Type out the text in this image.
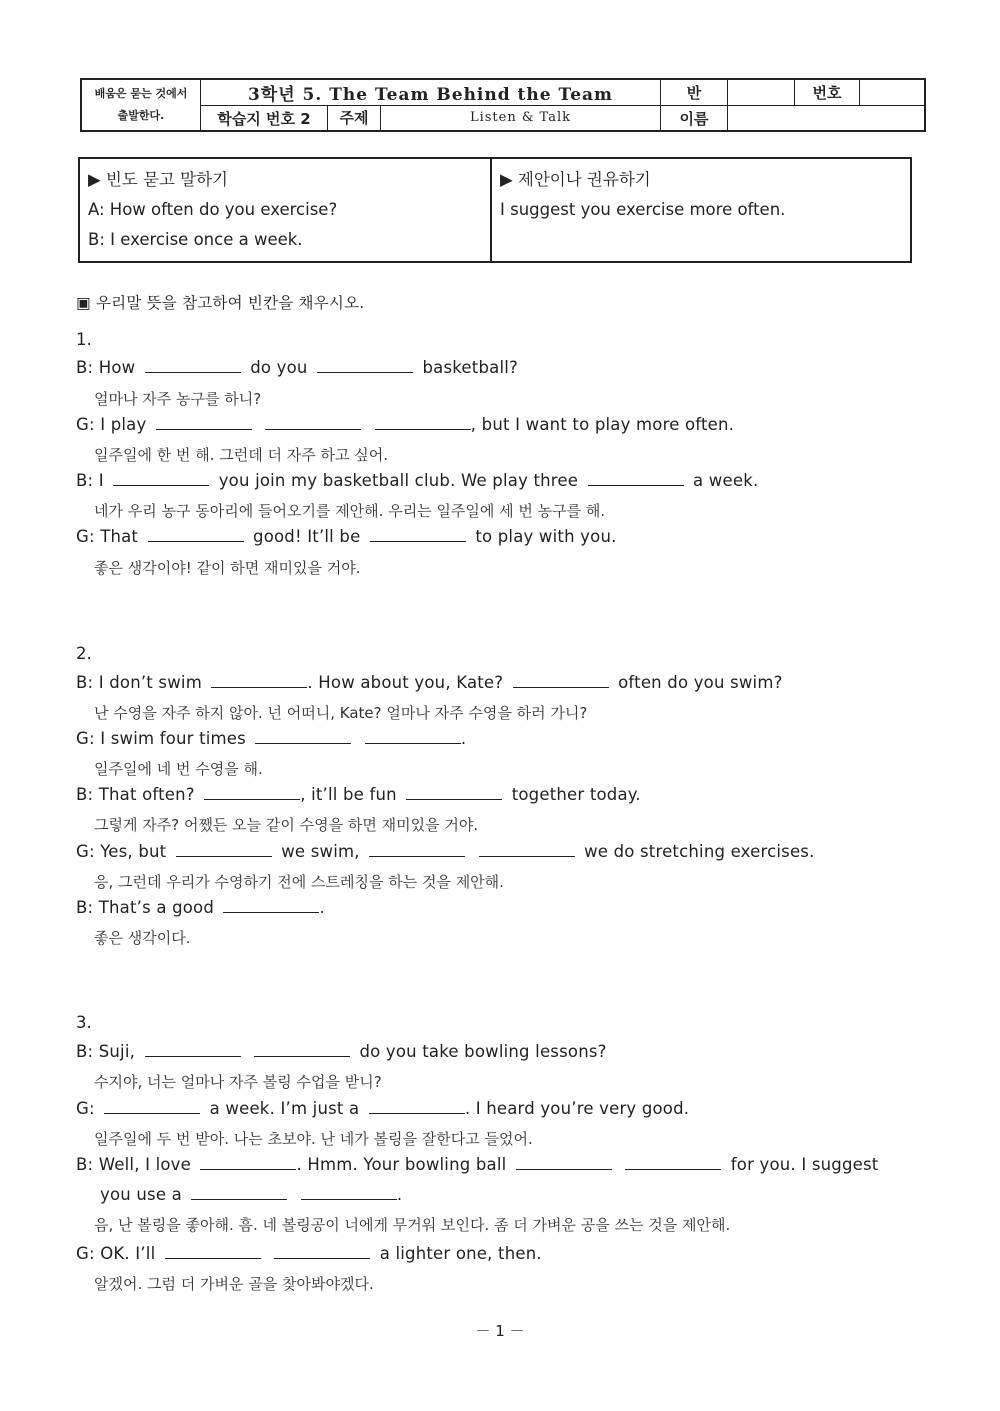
배움은 묻는 것에서 출발한다.	3학년 5. The Team Behind the Team		반		번호	
	학습지 번호 2	주제 Listen & Talk	이름			
▶ 빈도 묻고 말하기
A: How often do you exercise?
B: I exercise once a week.
▶ 제안이나 권유하기
I suggest you exercise more often.
▣ 우리말 뜻을 참고하여 빈칸을 채우시오.
1.
B: How	do you	basketball?
얼마나 자주 농구를 하니?
G: I play	, but I want to play more often.
일주일에 한 번 해. 그런데 더 자주 하고 싶어.
B: I	you join my basketball club. We play three	a week.
네가 우리 농구 동아리에 들어오기를 제안해. 우리는 일주일에 세 번 농구를 해.
G: That	good! It’ll be	to play with you.
좋은 생각이야! 같이 하면 재미있을 거야.
2.
B: I don’t swim	. How about you, Kate?	often do you swim?
난 수영을 자주 하지 않아. 넌 어떠니, Kate? 얼마나 자주 수영을 하러 가니?
G: I swim four times	.
일주일에 네 번 수영을 해.
B: That often?	, it’ll be fun	together today.
그렇게 자주? 어쨌든 오늘 같이 수영을 하면 재미있을 거야.
G: Yes, but	we swim,	we do stretching exercises.
응, 그런데 우리가 수영하기 전에 스트레칭을 하는 것을 제안해.
B: That’s a good	.
좋은 생각이다.
3.
B: Suji,	do you take bowling lessons?
수지야, 너는 얼마나 자주 볼링 수업을 받니?
G:	a week. I’m just a	. I heard you’re very good.
일주일에 두 번 받아. 나는 초보야. 난 네가 볼링을 잘한다고 들었어.
B: Well, I love	. Hmm. Your bowling ball	for you. I suggest
you use a	.
음, 난 볼링을 좋아해. 흠. 네 볼링공이 너에게 무거워 보인다. 좀 더 가벼운 공을 쓰는 것을 제안해.
G: OK. I’ll	a lighter one, then.
알겠어. 그럼 더 가벼운 골을 찾아봐야겠다.
－ 1 －
